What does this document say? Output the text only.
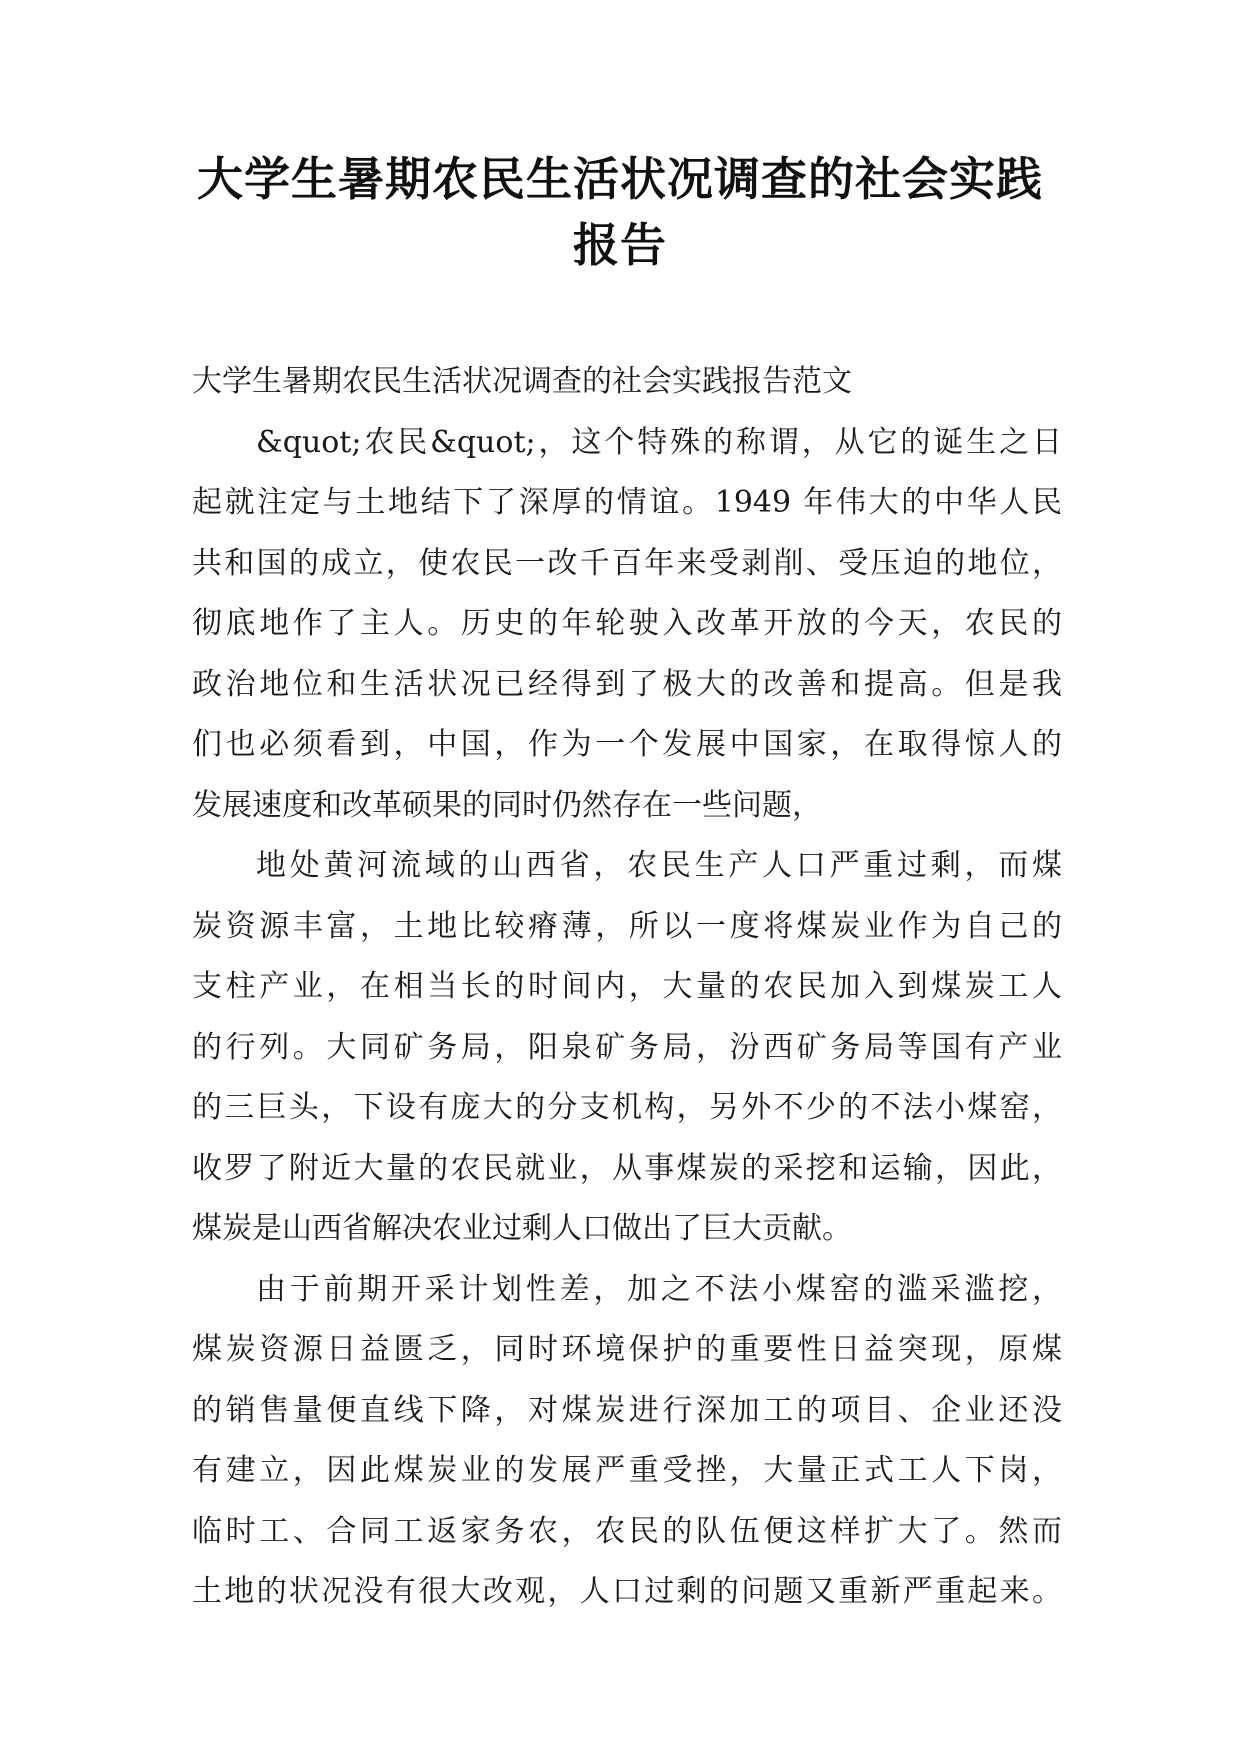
大学生暑期农民生活状况调查的社会实践
报告
大学生暑期农民生活状况调查的社会实践报告范文
&quot;农民&quot;，这个特殊的称谓，从它的诞生之日
起就注定与土地结下了深厚的情谊。1949 年伟大的中华人民
共和国的成立，使农民一改千百年来受剥削、受压迫的地位，
彻底地作了主人。历史的年轮驶入改革开放的今天，农民的
政治地位和生活状况已经得到了极大的改善和提高。但是我
们也必须看到，中国，作为一个发展中国家，在取得惊人的
发展速度和改革硕果的同时仍然存在一些问题，
地处黄河流域的山西省，农民生产人口严重过剩，而煤
炭资源丰富，土地比较瘠薄，所以一度将煤炭业作为自己的
支柱产业，在相当长的时间内，大量的农民加入到煤炭工人
的行列。大同矿务局，阳泉矿务局，汾西矿务局等国有产业
的三巨头，下设有庞大的分支机构，另外不少的不法小煤窑，
收罗了附近大量的农民就业，从事煤炭的采挖和运输，因此，
煤炭是山西省解决农业过剩人口做出了巨大贡献。
由于前期开采计划性差，加之不法小煤窑的滥采滥挖，
煤炭资源日益匮乏，同时环境保护的重要性日益突现，原煤
的销售量便直线下降，对煤炭进行深加工的项目、企业还没
有建立，因此煤炭业的发展严重受挫，大量正式工人下岗，
临时工、合同工返家务农，农民的队伍便这样扩大了。然而
土地的状况没有很大改观，人口过剩的问题又重新严重起来。
